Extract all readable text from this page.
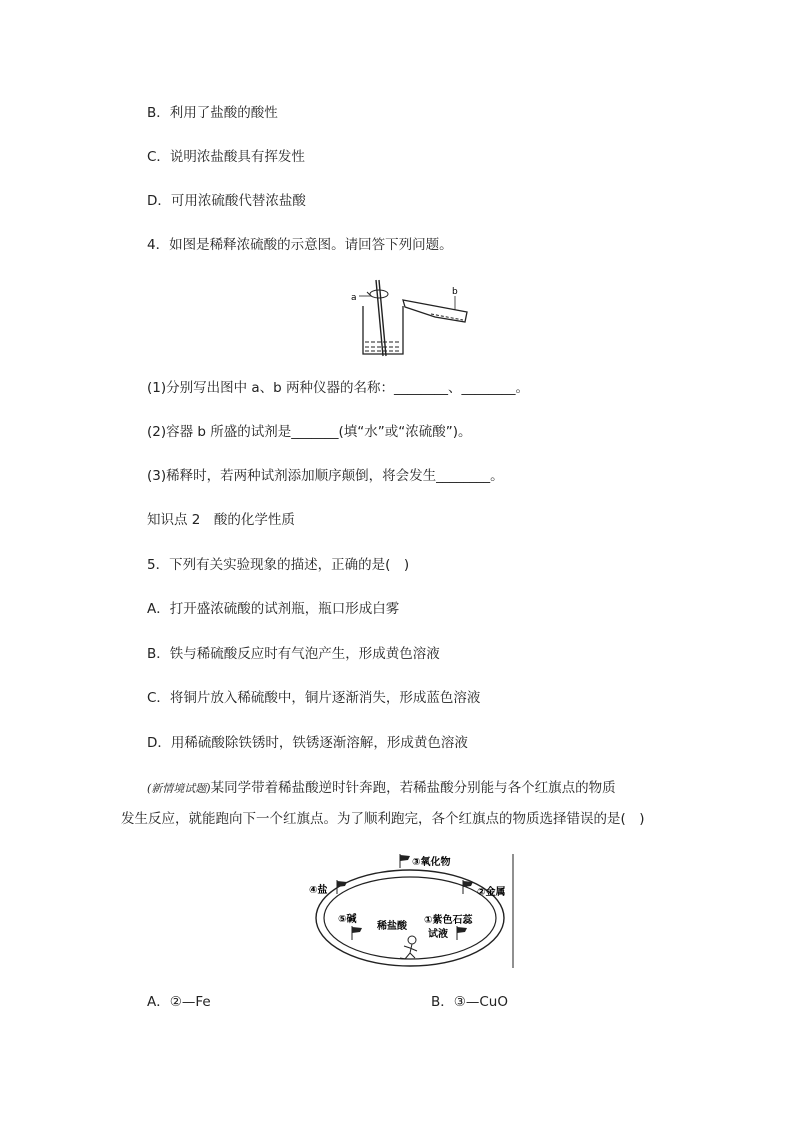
B．利用了盐酸的酸性
C．说明浓盐酸具有挥发性
D．可用浓硫酸代替浓盐酸
4．如图是稀释浓硫酸的示意图。请回答下列问题。
a
b
(1)分别写出图中 a、b 两种仪器的名称：________、________。
(2)容器 b 所盛的试剂是_______(填“水”或“浓硫酸”)。
(3)稀释时，若两种试剂添加顺序颠倒，将会发生________。
知识点 2　酸的化学性质
5．下列有关实验现象的描述，正确的是(　)
A．打开盛浓硫酸的试剂瓶，瓶口形成白雾
B．铁与稀硫酸反应时有气泡产生，形成黄色溶液
C．将铜片放入稀硫酸中，铜片逐渐消失，形成蓝色溶液
D．用稀硫酸除铁锈时，铁锈逐渐溶解，形成黄色溶液
(新情境试题)某同学带着稀盐酸逆时针奔跑，若稀盐酸分别能与各个红旗点的物质
发生反应，就能跑向下一个红旗点。为了顺利跑完，各个红旗点的物质选择错误的是(　)
③氧化物
②金属
④盐
⑤碱
稀盐酸
①紫色石蕊
试液
A．②—Fe	B．③—CuO
